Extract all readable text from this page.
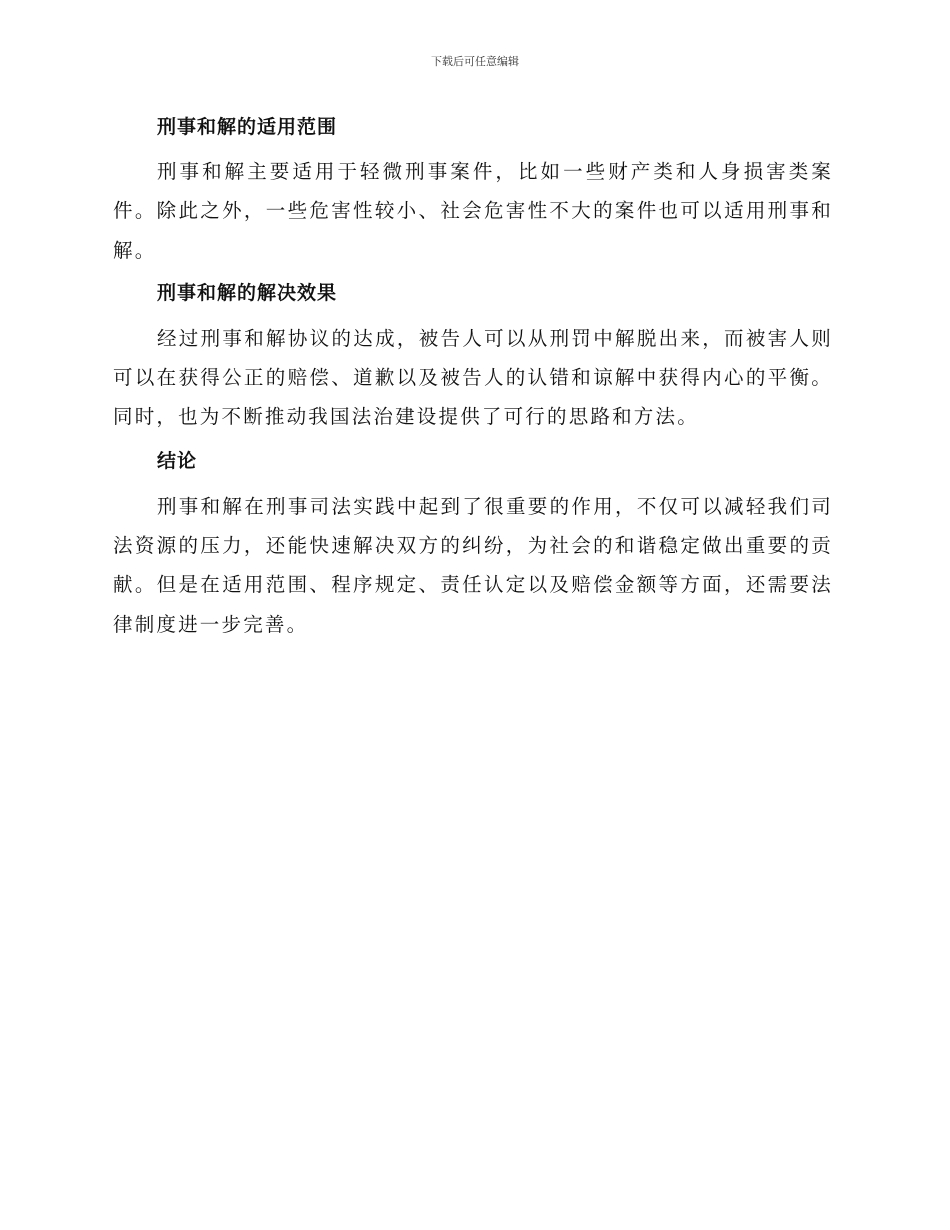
下载后可任意编辑
刑事和解的适用范围

刑事和解主要适用于轻微刑事案件，比如一些财产类和人身损害类案件。除此之外，一些危害性较小、社会危害性不大的案件也可以适用刑事和解。

刑事和解的解决效果

经过刑事和解协议的达成，被告人可以从刑罚中解脱出来，而被害人则可以在获得公正的赔偿、道歉以及被告人的认错和谅解中获得内心的平衡。同时，也为不断推动我国法治建设提供了可行的思路和方法。

结论

刑事和解在刑事司法实践中起到了很重要的作用，不仅可以减轻我们司法资源的压力，还能快速解决双方的纠纷，为社会的和谐稳定做出重要的贡献。但是在适用范围、程序规定、责任认定以及赔偿金额等方面，还需要法律制度进一步完善。
